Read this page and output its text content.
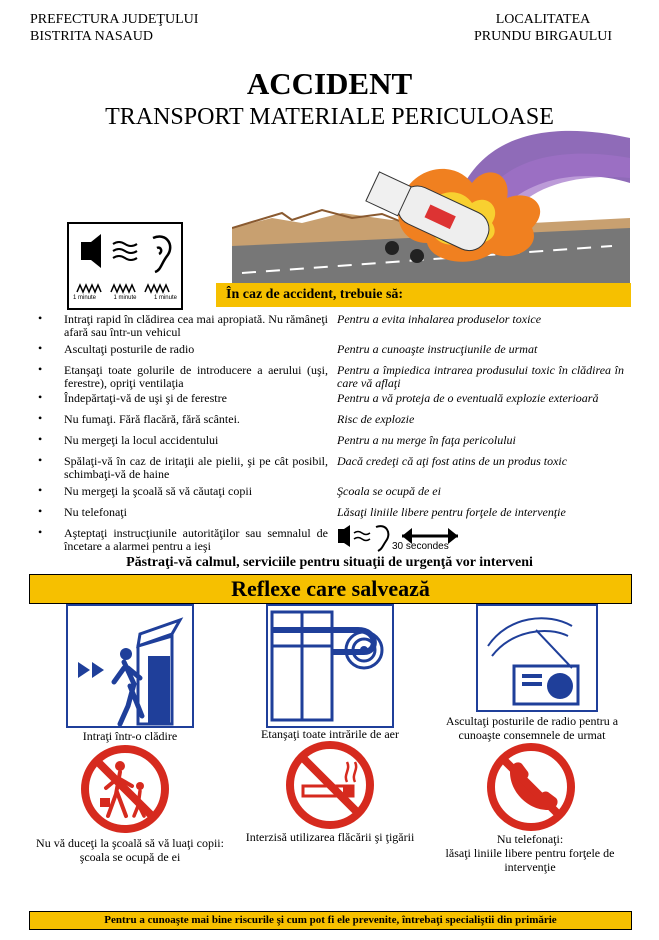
PREFECTURA JUDEŢULUI
BISTRITA NASAUD
LOCALITATEA
PRUNDU BIRGAULUI
ACCIDENT
TRANSPORT MATERIALE PERICULOASE
1 minute	1 minute	1 minute	În caz de accident, trebuie să:
• Intraţi rapid în clădirea cea mai apropiată. Nu rămâneţi afară sau într-un vehicul
Pentru a evita inhalarea produselor toxice
• Ascultaţi posturile de radio	Pentru a cunoaşte instrucţiunile de urmat
• Etanşaţi toate golurile de introducere a aerului (uşi, ferestre), opriţi ventilaţia
Pentru a împiedica intrarea produsului toxic în clădirea în care vă aflaţi
• Îndepărtaţi-vă de uşi şi de ferestre	Pentru a vă proteja de o eventuală explozie exterioară
• Nu fumaţi. Fără flacără, fără scântei.	Risc de explozie
• Nu mergeţi la locul accidentului	Pentru a nu merge în faţa pericolului
• Spălaţi-vă în caz de iritaţii ale pielii, şi pe cât posibil, schimbaţi-vă de haine
Dacă credeţi că aţi fost atins de un produs toxic
• Nu mergeţi la şcoală să vă căutaţi copii	Şcoala se ocupă de ei
• Nu telefonaţi	Lăsaţi liniile libere pentru forţele de intervenţie
• Aşteptaţi instrucţiunile autorităţilor sau semnalul de încetare a alarmei pentru a ieşi	30 secondes
Păstraţi-vă calmul, serviciile pentru situaţii de urgenţă vor interveni
Reflexe care salvează
Intraţi într-o clădire	Etanşaţi toate intrările de aer
Ascultaţi posturile de radio pentru a cunoaşte consemnele de urmat
Nu vă duceţi la şcoală să vă luaţi copii:
şcoala se ocupă de ei
Interzisă utilizarea flăcării şi ţigării	Nu telefonaţi:
lăsaţi liniile libere pentru forţele de intervenţie
Pentru a cunoaşte mai bine riscurile şi cum pot fi ele prevenite, întrebaţi specialiştii din primărie
